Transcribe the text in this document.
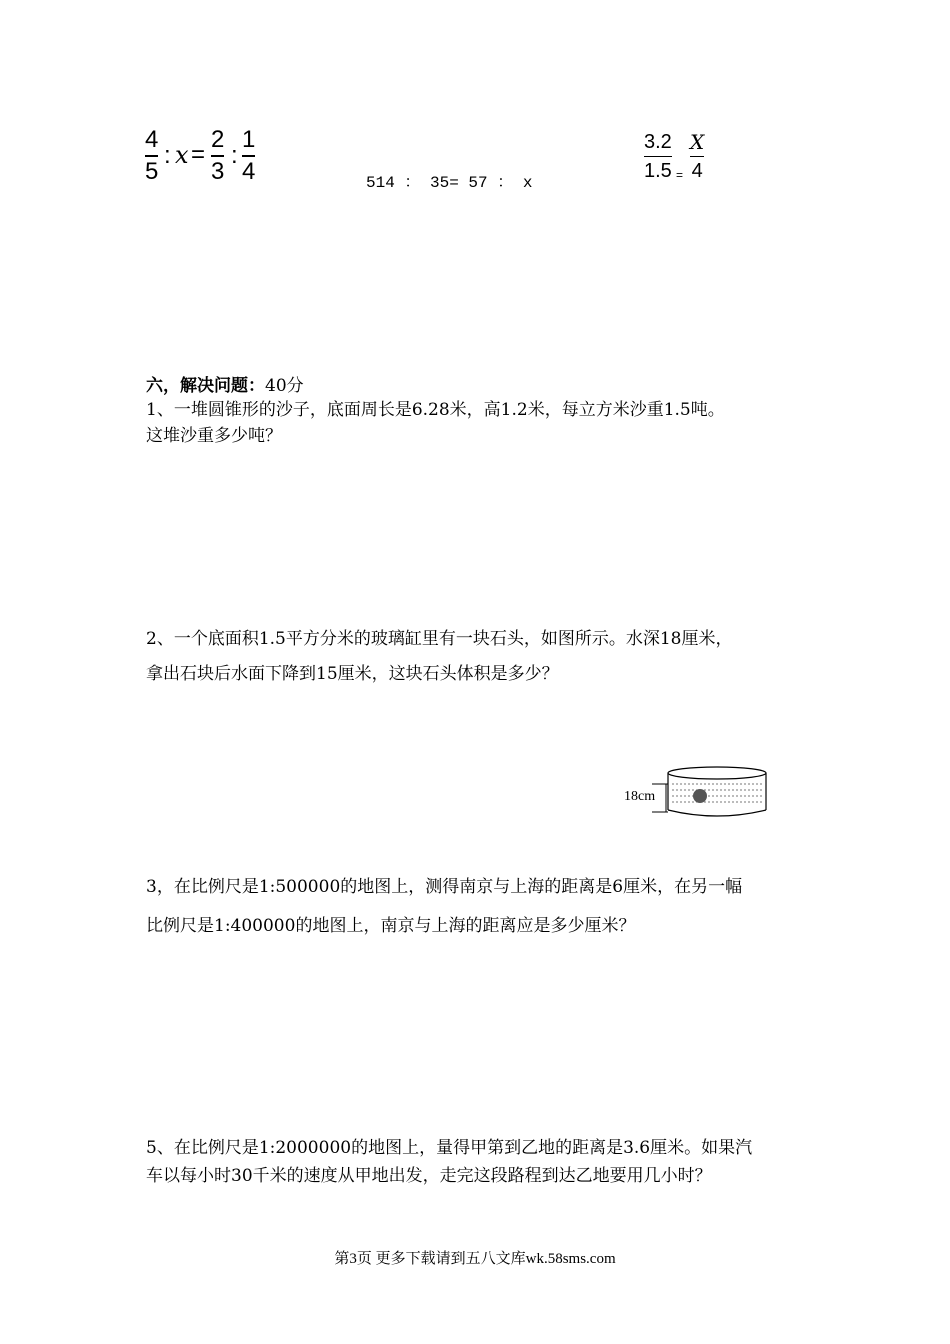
4
5
: x =
2
3
:
1
4	514 ： 35= 57 ： x
3.2
1.5 =
X
4
六，解决问题：40分
1、一堆圆锥形的沙子，底面周长是6.28米，高1.2米，每立方米沙重1.5吨。
这堆沙重多少吨？
2、一个底面积1.5平方分米的玻璃缸里有一块石头，如图所示。水深18厘米，
拿出石块后水面下降到15厘米，这块石头体积是多少？
18cm
3，在比例尺是1:500000的地图上，测得南京与上海的距离是6厘米，在另一幅
比例尺是1:400000的地图上，南京与上海的距离应是多少厘米？
5、在比例尺是1:2000000的地图上，量得甲第到乙地的距离是3.6厘米。如果汽
车以每小时30千米的速度从甲地出发，走完这段路程到达乙地要用几小时？
第3页 更多下载请到五八文库wk.58sms.com
